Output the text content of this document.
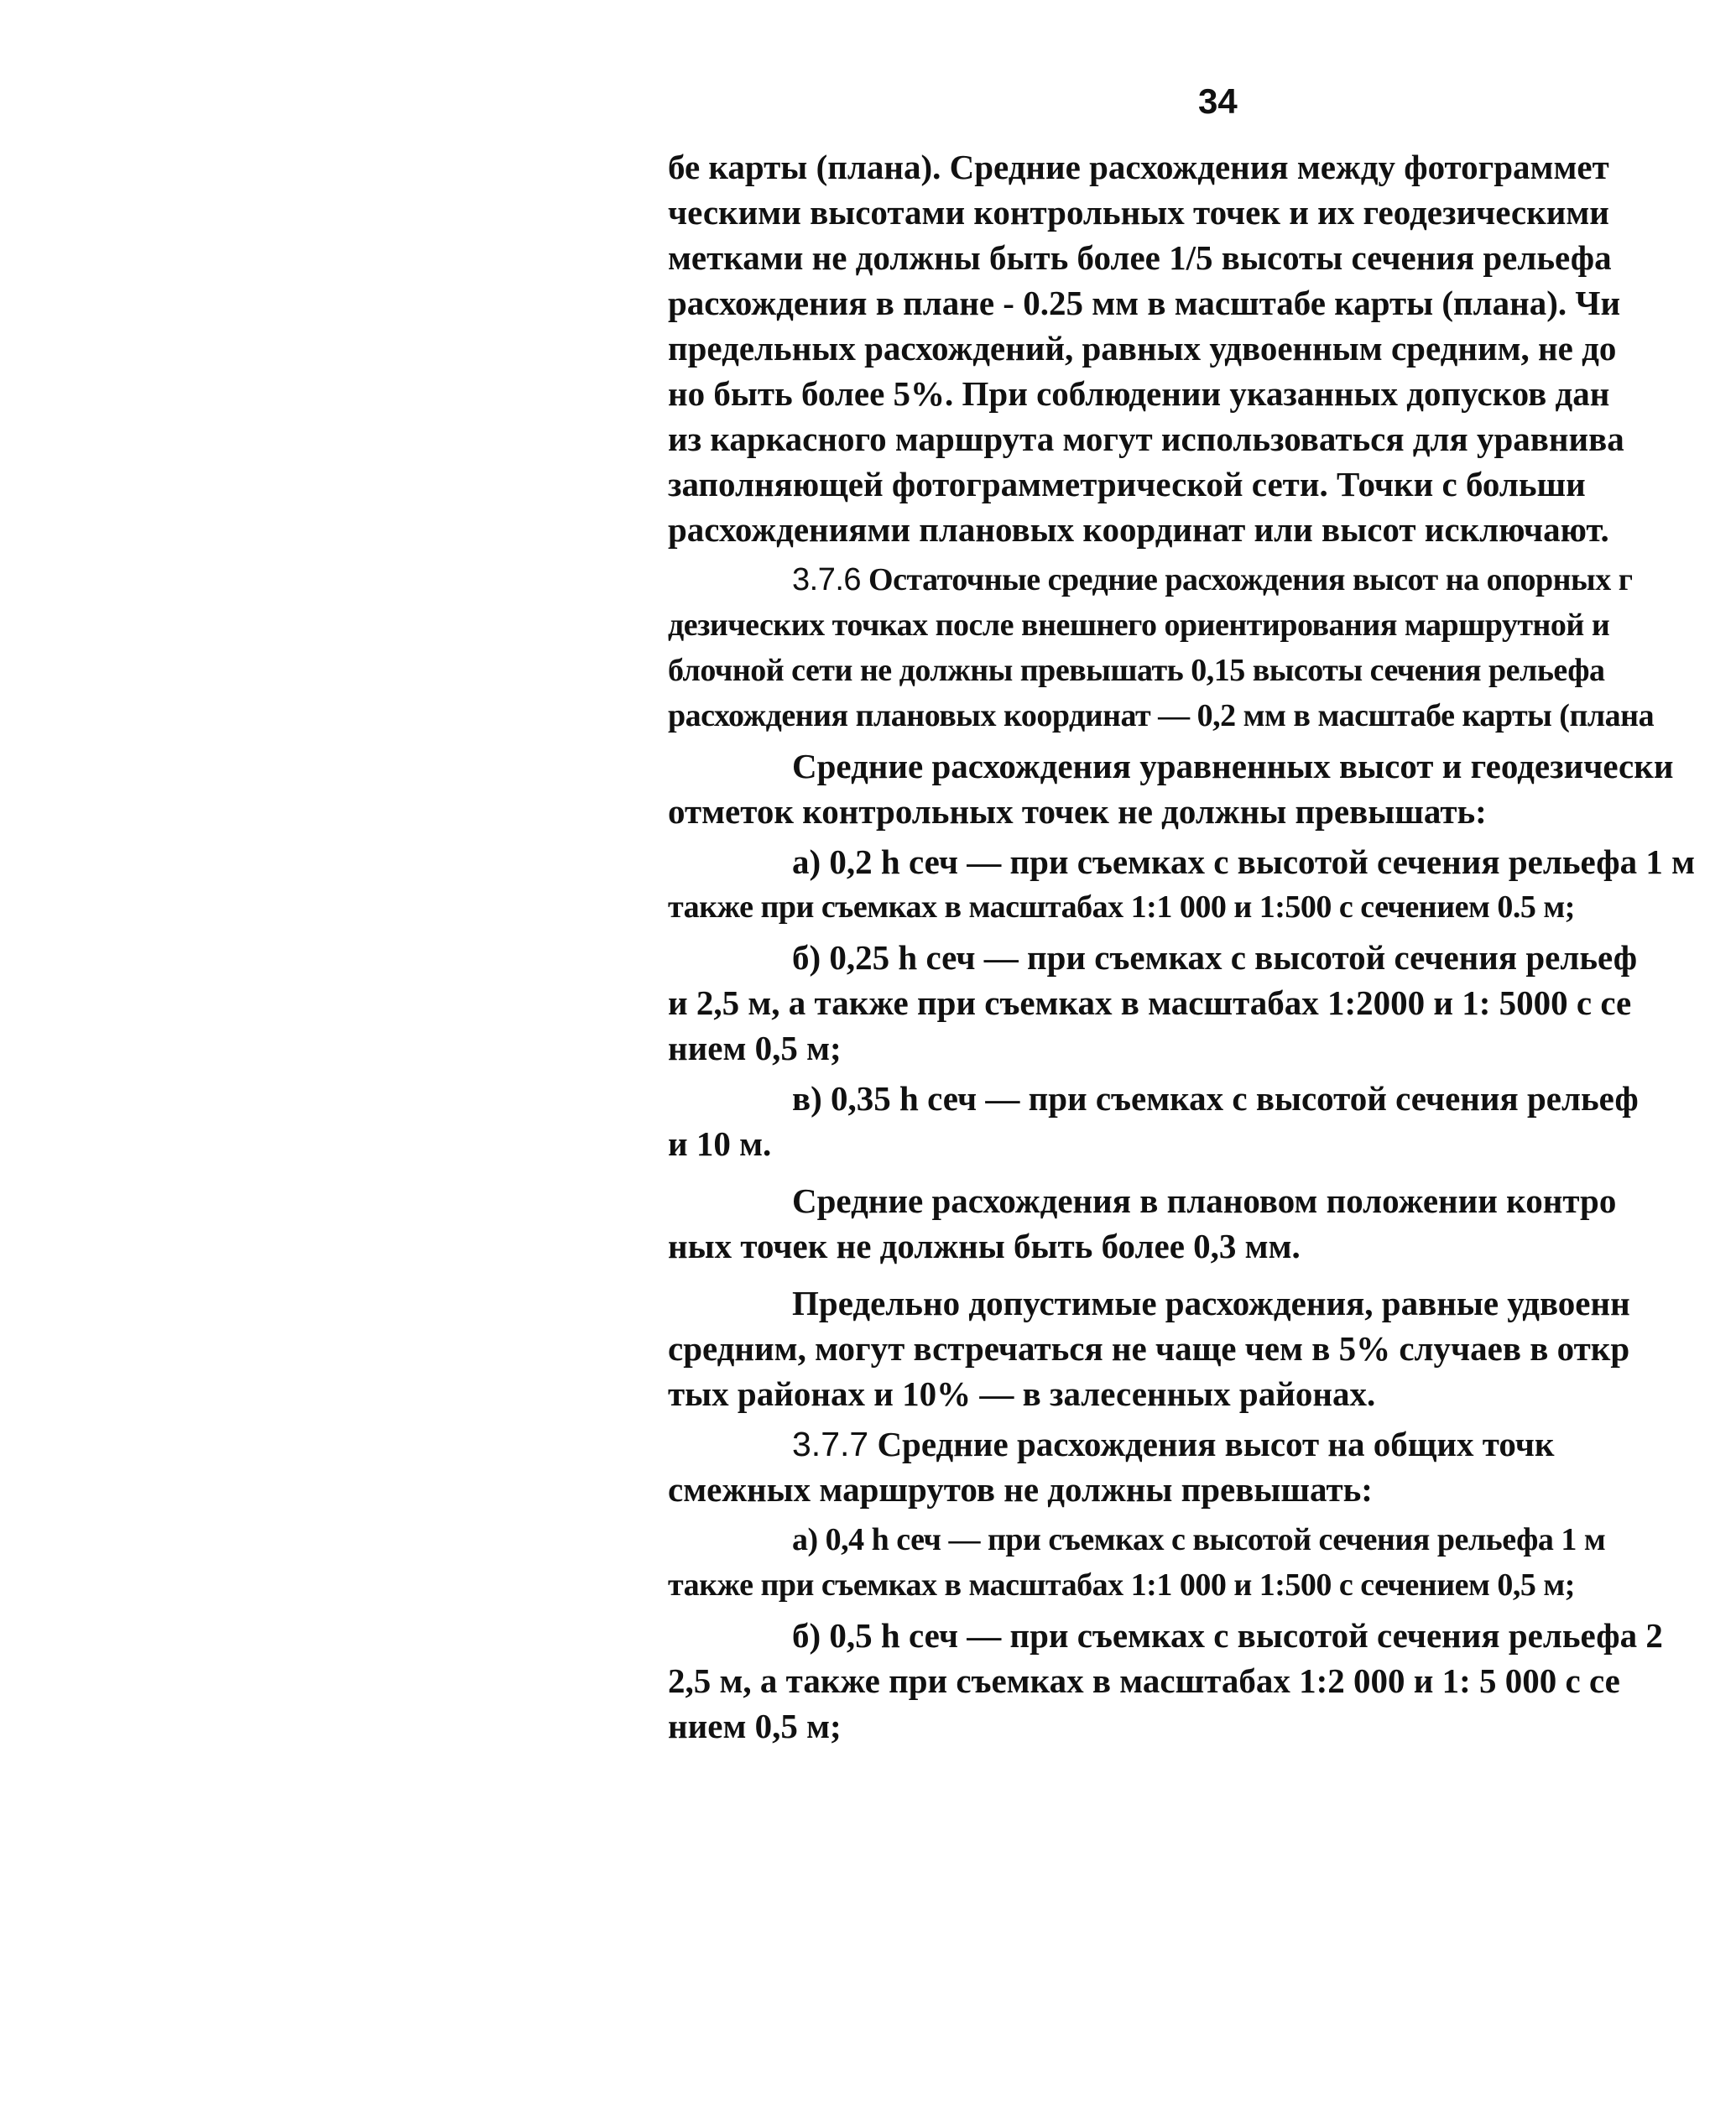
34
бе карты (плана). Средние расхождения между фотограммет
ческими высотами контрольных точек и их геодезическими
метками не должны быть более 1/5 высоты сечения рельефа
расхождения в плане - 0.25 мм в масштабе карты (плана). Чи
предельных расхождений, равных удвоенным средним, не до
но быть более 5%. При соблюдении указанных допусков дан
из каркасного маршрута могут использоваться для уравнива
заполняющей фотограмметрической сети. Точки с больши
расхождениями плановых координат или высот исключают.
3.7.6 Остаточные средние расхождения высот на опорных г
дезических точках после внешнего ориентирования маршрутной и
блочной сети не должны превышать 0,15 высоты сечения рельефа
расхождения плановых координат — 0,2 мм в масштабе карты (плана
Средние расхождения уравненных высот и геодезически
отметок контрольных точек не должны превышать:
а) 0,2 h сеч — при съемках с высотой сечения рельефа 1 м
также при съемках в масштабах 1:1 000 и 1:500 с сечением 0.5 м;
б) 0,25 h сеч — при съемках с высотой сечения рельеф
и 2,5 м, а также при съемках в масштабах 1:2000 и 1: 5000 с се
нием 0,5 м;
в) 0,35 h сеч — при съемках с высотой сечения рельеф
и 10 м.
Средние расхождения в плановом положении контро
ных точек не должны быть более 0,3 мм.
Предельно допустимые расхождения, равные удвоенн
средним, могут встречаться не чаще чем в 5% случаев в откр
тых районах и 10% — в залесенных районах.
3.7.7 Средние расхождения высот на общих точк
смежных маршрутов не должны превышать:
а) 0,4 h сеч — при съемках с высотой сечения рельефа 1 м
также при съемках в масштабах 1:1 000 и 1:500 с сечением 0,5 м;
б) 0,5 h сеч — при съемках с высотой сечения рельефа 2
2,5 м, а также при съемках в масштабах 1:2 000 и 1: 5 000 с се
нием 0,5 м;
